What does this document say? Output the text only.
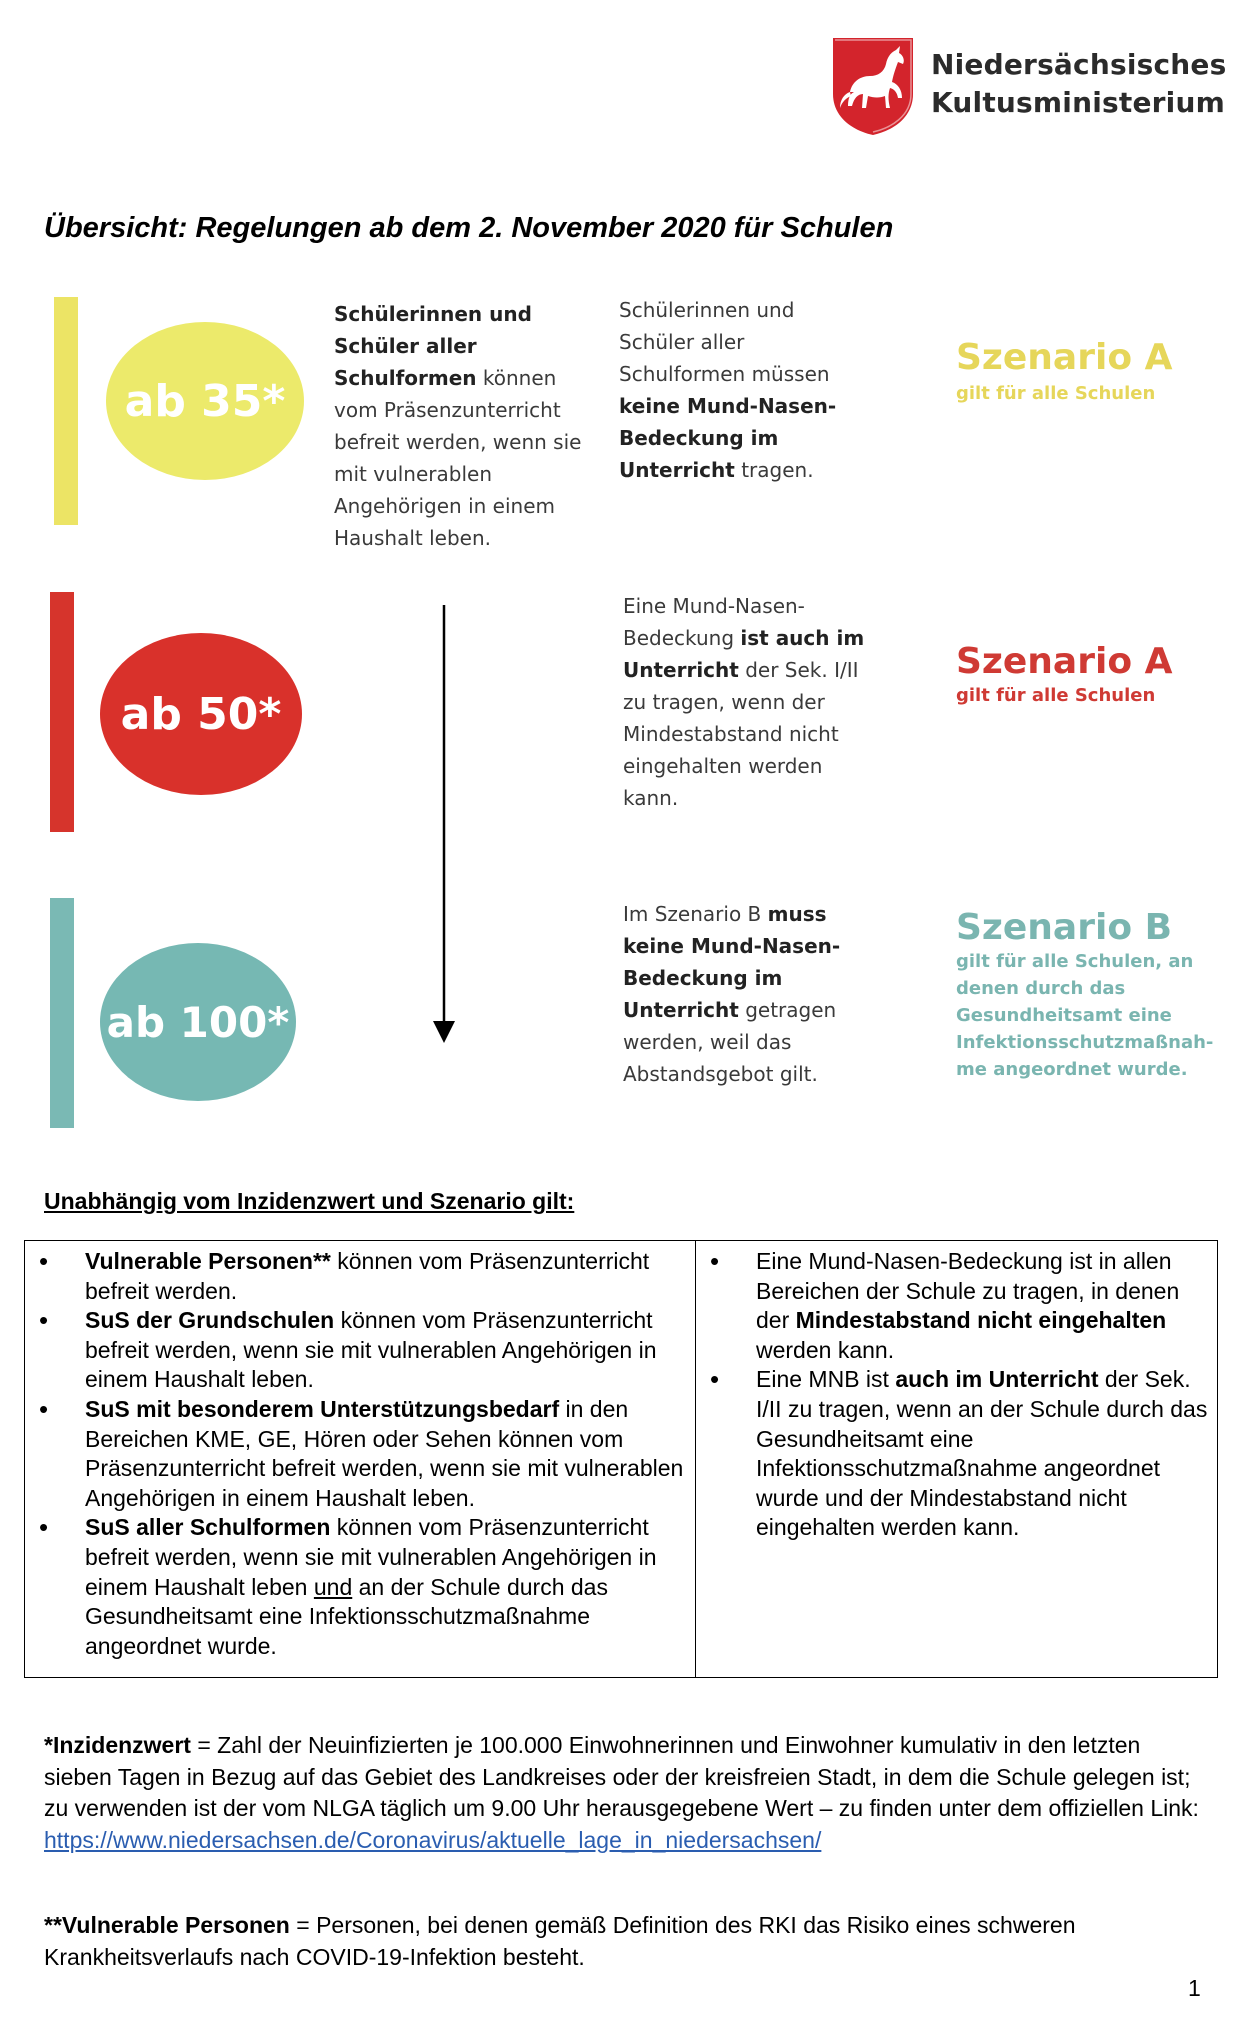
Niedersächsisches
Kultusministerium
Übersicht: Regelungen ab dem 2. November 2020 für Schulen
ab 35*
Schülerinnen und Schüler aller Schulformen können vom Präsenzunterricht befreit werden, wenn sie mit vulnerablen Angehörigen in einem Haushalt leben.
Schülerinnen und Schüler aller Schulformen müssen keine Mund-Nasen-Bedeckung im Unterricht tragen.
Szenario A
gilt für alle Schulen
ab 50*
Eine Mund-Nasen-Bedeckung ist auch im Unterricht der Sek. I/II zu tragen, wenn der Mindestabstand nicht eingehalten werden kann.
Szenario A
gilt für alle Schulen
ab 100*
Im Szenario B muss keine Mund-Nasen-Bedeckung im Unterricht getragen werden, weil das Abstandsgebot gilt.
Szenario B
gilt für alle Schulen, an denen durch das Gesundheitsamt eine Infektionsschutzmaßnah-me angeordnet wurde.
Unabhängig vom Inzidenzwert und Szenario gilt:
• Vulnerable Personen** können vom Präsenzunterricht befreit werden.
• SuS der Grundschulen können vom Präsenzunterricht befreit werden, wenn sie mit vulnerablen Angehörigen in einem Haushalt leben.
• SuS mit besonderem Unterstützungsbedarf in den Bereichen KME, GE, Hören oder Sehen können vom Präsenzunterricht befreit werden, wenn sie mit vulnerablen Angehörigen in einem Haushalt leben.
• SuS aller Schulformen können vom Präsenzunterricht befreit werden, wenn sie mit vulnerablen Angehörigen in einem Haushalt leben und an der Schule durch das Gesundheitsamt eine Infektionsschutzmaßnahme angeordnet wurde.
• Eine Mund-Nasen-Bedeckung ist in allen Bereichen der Schule zu tragen, in denen der Mindestabstand nicht eingehalten werden kann.
• Eine MNB ist auch im Unterricht der Sek. I/II zu tragen, wenn an der Schule durch das Gesundheitsamt eine Infektionsschutzmaßnahme angeordnet wurde und der Mindestabstand nicht eingehalten werden kann.
*Inzidenzwert = Zahl der Neuinfizierten je 100.000 Einwohnerinnen und Einwohner kumulativ in den letzten sieben Tagen in Bezug auf das Gebiet des Landkreises oder der kreisfreien Stadt, in dem die Schule gelegen ist; zu verwenden ist der vom NLGA täglich um 9.00 Uhr herausgegebene Wert – zu finden unter dem offiziellen Link:
https://www.niedersachsen.de/Coronavirus/aktuelle_lage_in_niedersachsen/
**Vulnerable Personen = Personen, bei denen gemäß Definition des RKI das Risiko eines schweren Krankheitsverlaufs nach COVID-19-Infektion besteht.
1
